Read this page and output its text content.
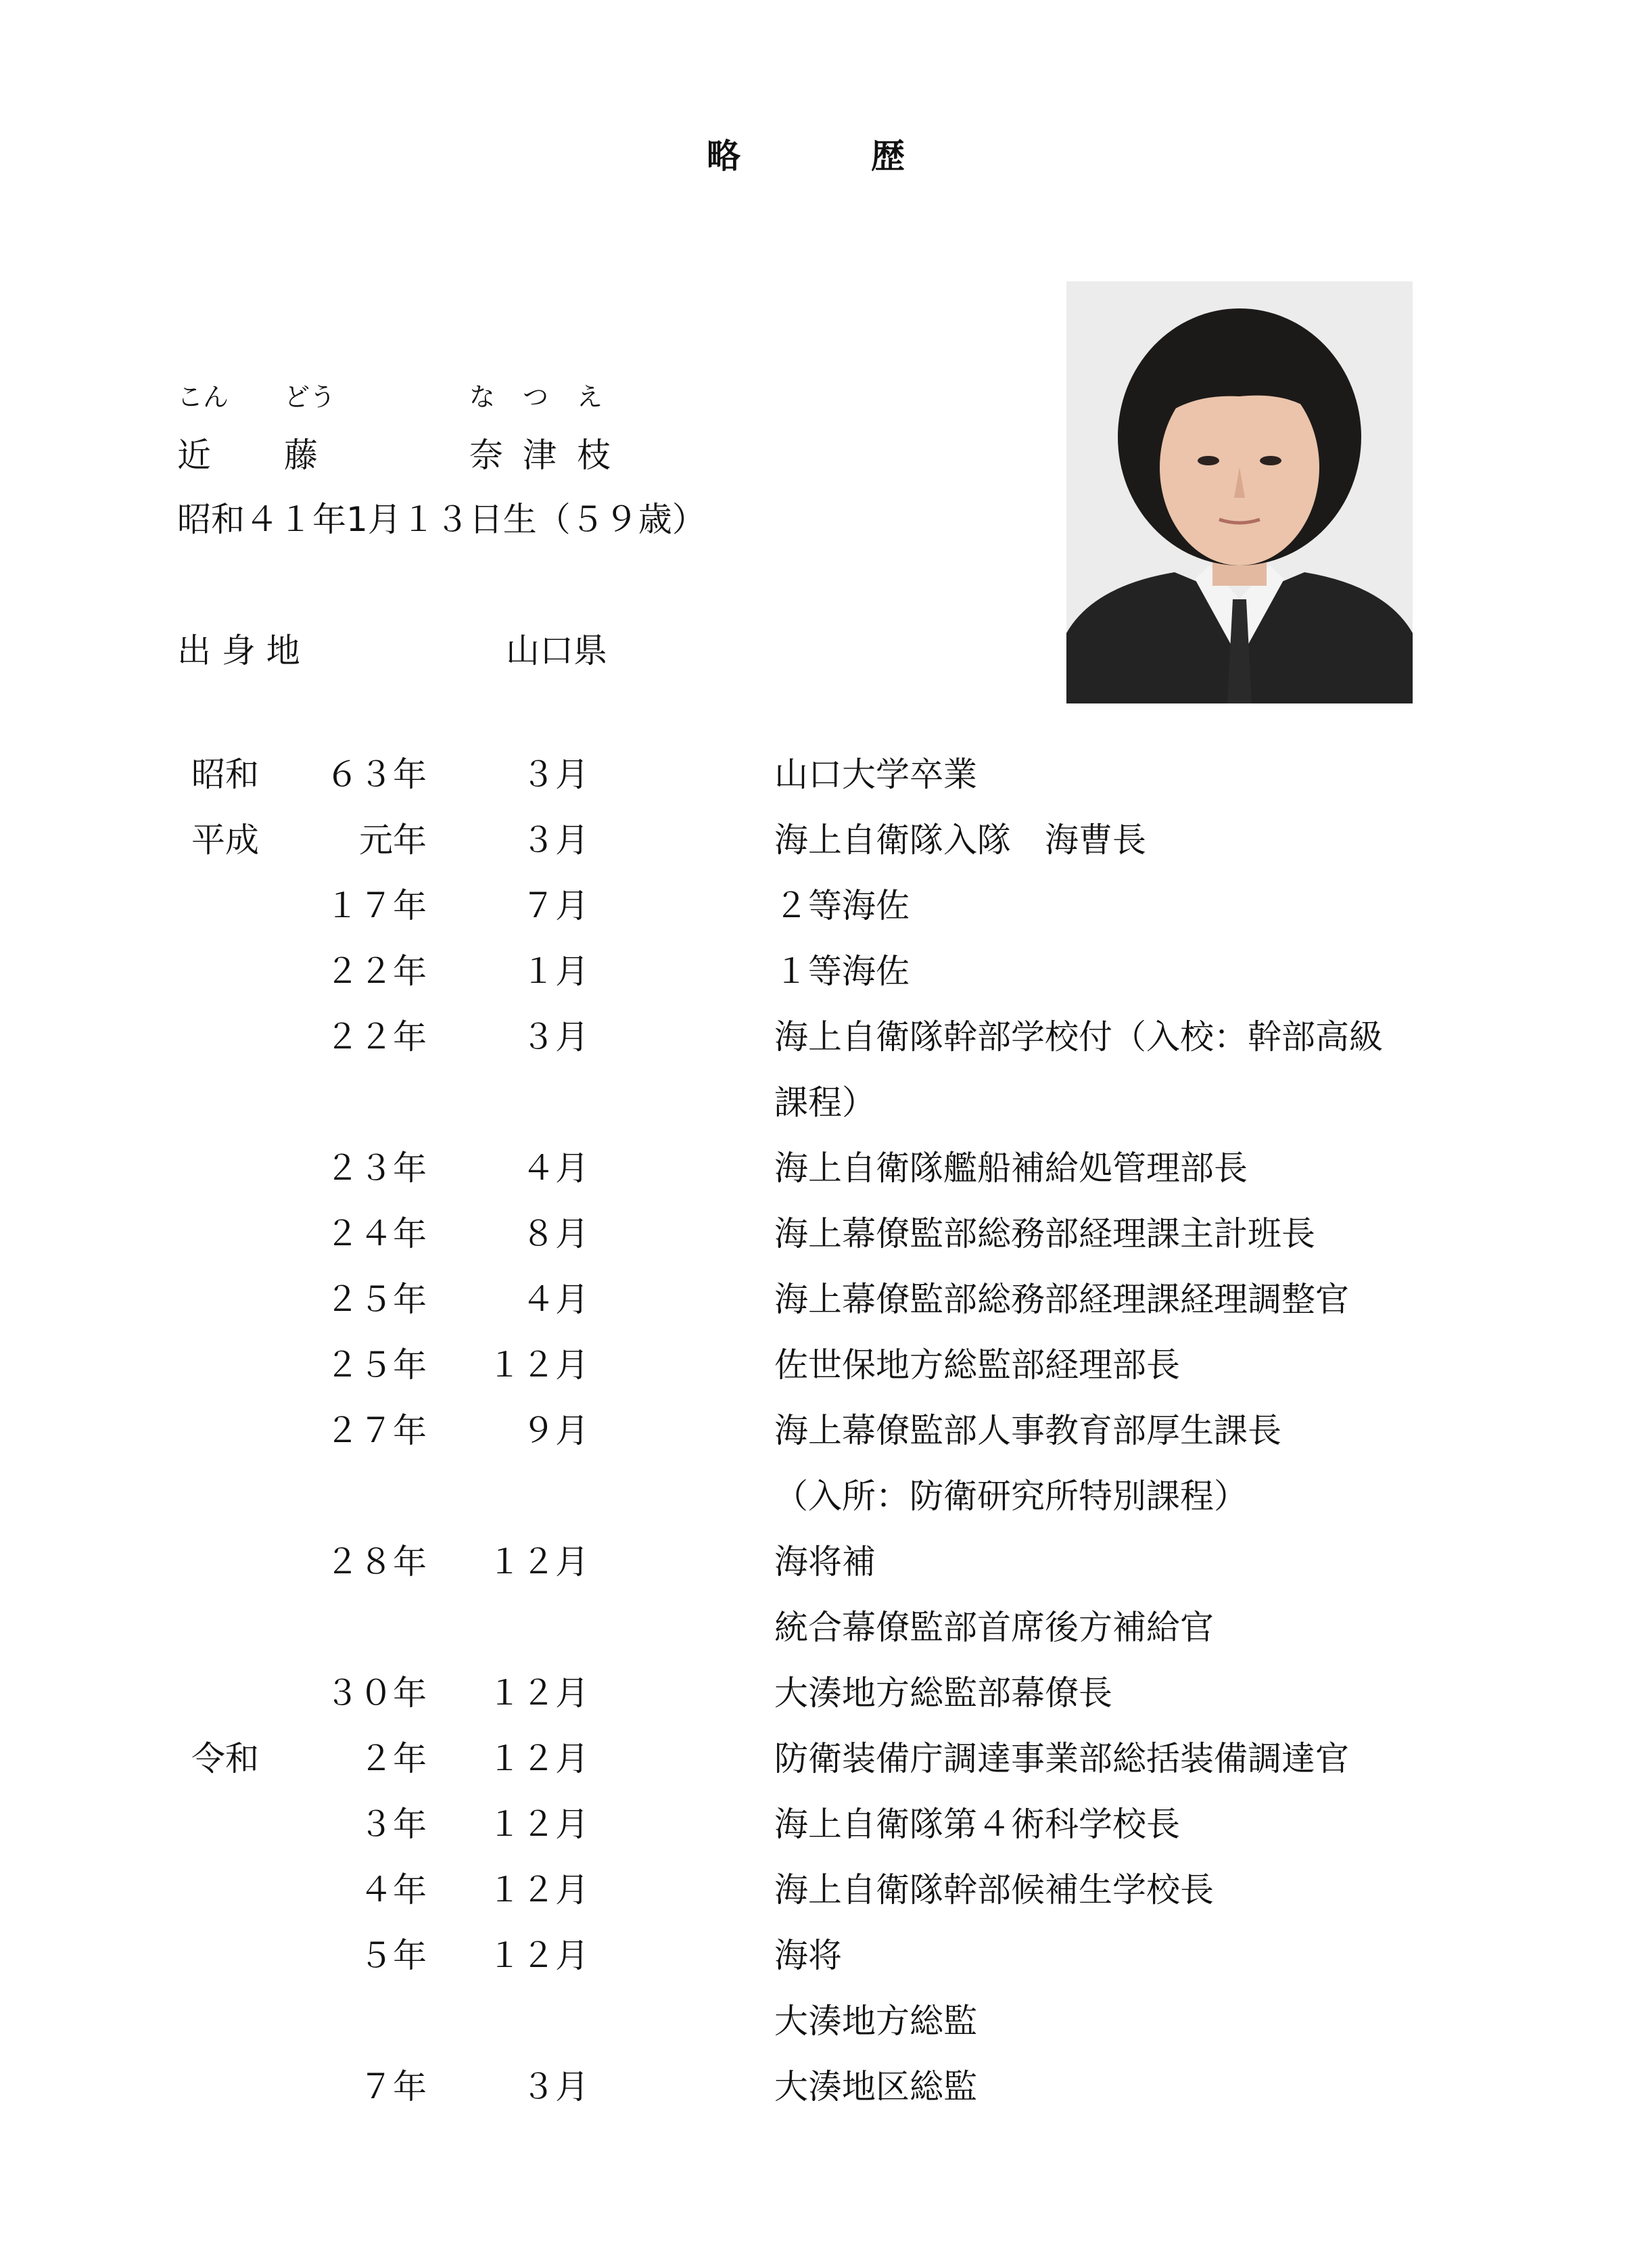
略	歴
こん どう	な つ え
近 藤	奈 津 枝
昭和４１年1月１３日生（５９歳）
出 身 地	山口県
昭和 ６３年	３月	山口大学卒業
平成	元年	３月	海上自衛隊入隊　海曹長
１７年	７月	２等海佐
２２年	１月	１等海佐
２２年	３月	海上自衛隊幹部学校付（入校：幹部高級
課程）
２３年	４月	海上自衛隊艦船補給処管理部長
２４年	８月	海上幕僚監部総務部経理課主計班長
２５年	４月	海上幕僚監部総務部経理課経理調整官
２５年 １２月	佐世保地方総監部経理部長
２７年	９月	海上幕僚監部人事教育部厚生課長
（入所：防衛研究所特別課程）
２８年 １２月	海将補
統合幕僚監部首席後方補給官
３０年 １２月	大湊地方総監部幕僚長
令和	２年 １２月	防衛装備庁調達事業部総括装備調達官
３年 １２月	海上自衛隊第４術科学校長
４年 １２月	海上自衛隊幹部候補生学校長
５年 １２月	海将
大湊地方総監
７年	３月	大湊地区総監
